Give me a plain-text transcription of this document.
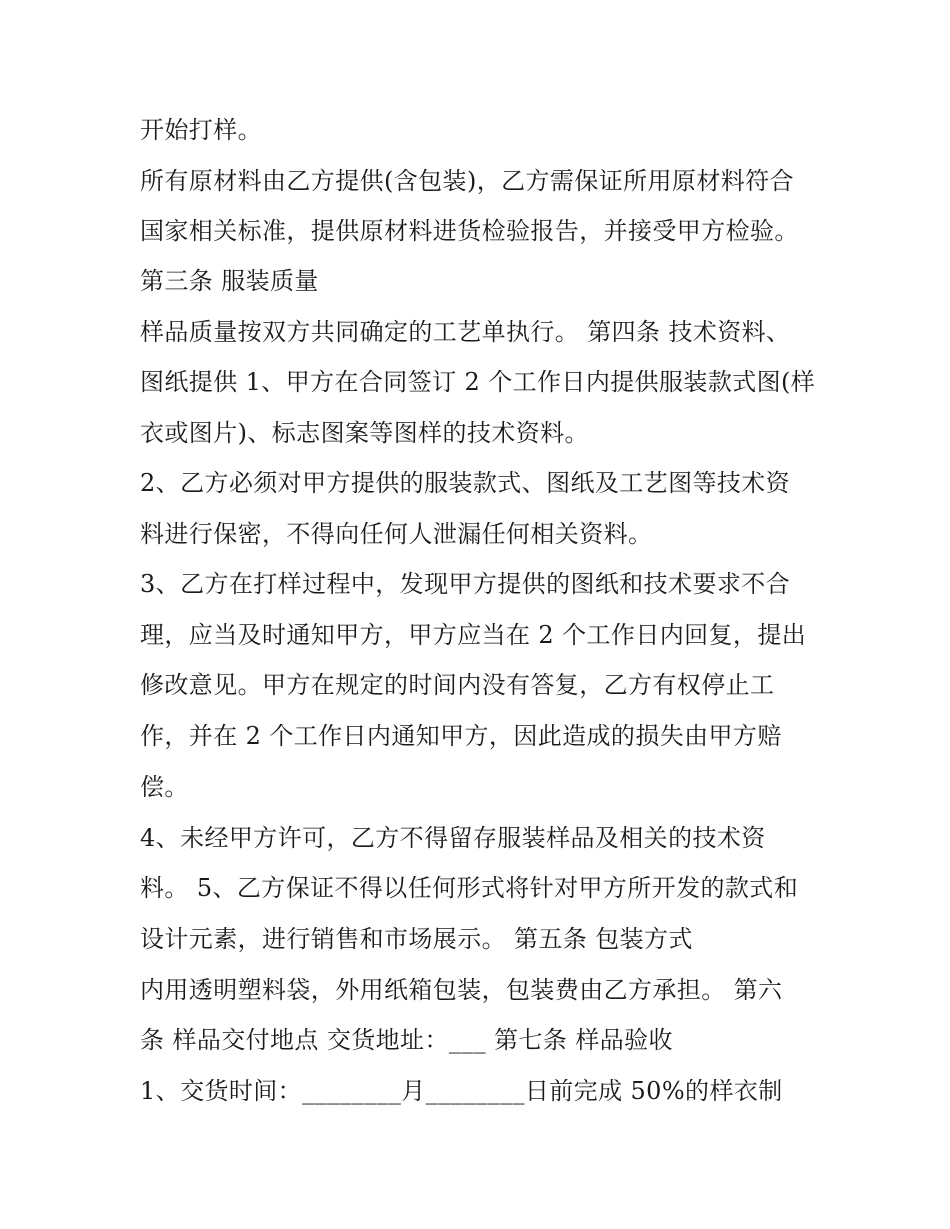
开始打样。

所有原材料由乙方提供(含包装)，乙方需保证所用原材料符合

国家相关标准，提供原材料进货检验报告，并接受甲方检验。

第三条 服装质量

样品质量按双方共同确定的工艺单执行。 第四条 技术资料、

图纸提供 1、甲方在合同签订 2 个工作日内提供服装款式图(样

衣或图片)、标志图案等图样的技术资料。

2、乙方必须对甲方提供的服装款式、图纸及工艺图等技术资

料进行保密，不得向任何人泄漏任何相关资料。

3、乙方在打样过程中，发现甲方提供的图纸和技术要求不合

理，应当及时通知甲方，甲方应当在 2 个工作日内回复，提出

修改意见。甲方在规定的时间内没有答复，乙方有权停止工

作，并在 2 个工作日内通知甲方，因此造成的损失由甲方赔

偿。

4、未经甲方许可，乙方不得留存服装样品及相关的技术资

料。 5、乙方保证不得以任何形式将针对甲方所开发的款式和

设计元素，进行销售和市场展示。 第五条 包装方式

内用透明塑料袋，外用纸箱包装，包装费由乙方承担。 第六

条 样品交付地点 交货地址：___ 第七条 样品验收

1、交货时间：________月________日前完成 50%的样衣制
